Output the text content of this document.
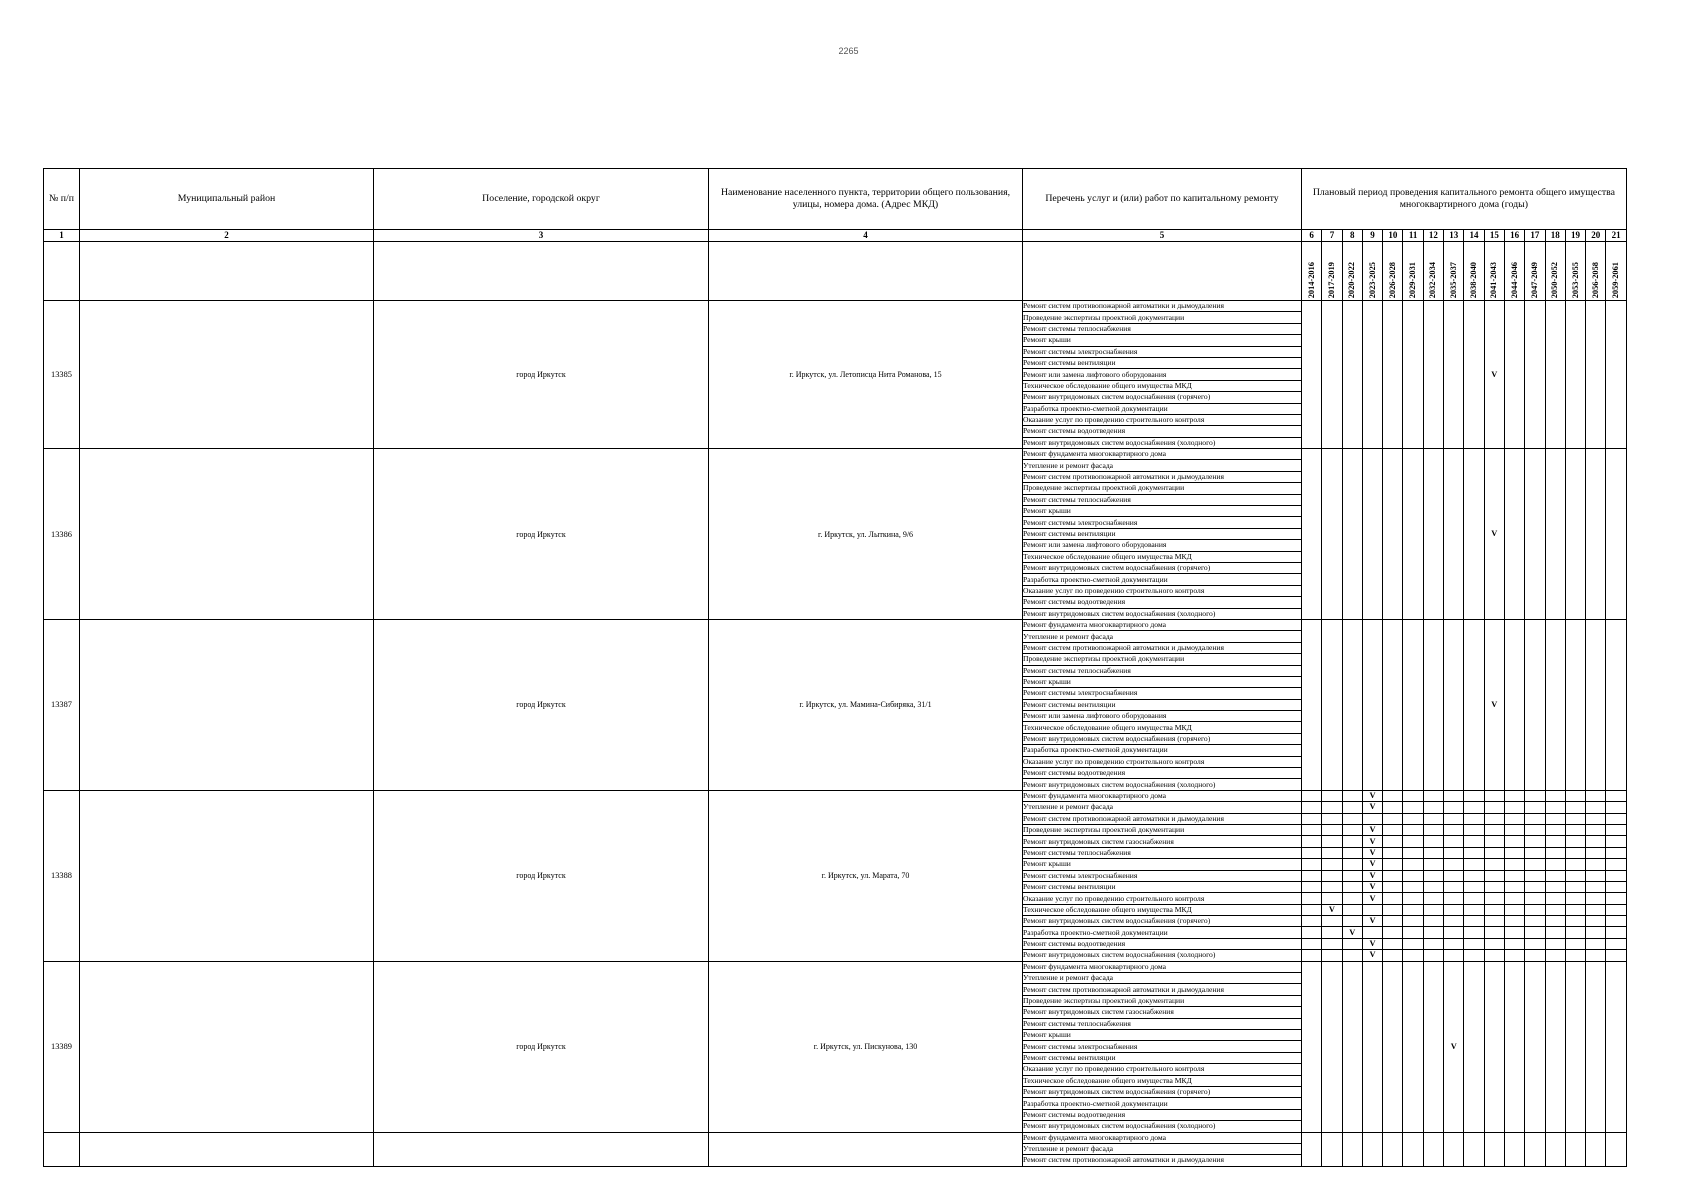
2265
№ п/п	Муниципальный район	Поселение, городской округ	Наименование населенного пункта, территории общего пользования, улицы, номера дома. (Адрес МКД)	Перечень услуг и (или) работ по капитальному ремонту	Плановый период проведения капитального ремонта общего имущества многоквартирного дома (годы)															
1	2	3	4	5	6	7	8	9	10	11	12	13	14	15	16	17	18	19	20	21
					2014-2016	2017-2019	2020-2022	2023-2025	2026-2028	2029-2031	2032-2034	2035-2037	2038-2040	2041-2043	2044-2046	2047-2049	2050-2052	2053-2055	2056-2058	2059-2061
13385		город Иркутск	г. Иркутск, ул. Летописца Нита Романова, 15	Ремонт систем противопожарной автоматики и дымоудаления										V						
				Проведение экспертизы проектной документации																
				Ремонт системы теплоснабжения																
				Ремонт крыши																
				Ремонт системы электроснабжения																
				Ремонт системы вентиляции																
				Ремонт или замена лифтового оборудования																
				Техническое обследование общего имущества МКД																
				Ремонт внутридомовых систем водоснабжения (горячего)																
				Разработка проектно-сметной документации																
				Оказание услуг по проведению строительного контроля																
				Ремонт системы водоотведения																
				Ремонт внутридомовых систем водоснабжения (холодного)																
13386		город Иркутск	г. Иркутск, ул. Лыткина, 9/6	Ремонт фундамента многоквартирного дома										V						
				Утепление и ремонт фасада																
				Ремонт систем противопожарной автоматики и дымоудаления																
				Проведение экспертизы проектной документации																
				Ремонт системы теплоснабжения																
				Ремонт крыши																
				Ремонт системы электроснабжения																
				Ремонт системы вентиляции																
				Ремонт или замена лифтового оборудования																
				Техническое обследование общего имущества МКД																
				Ремонт внутридомовых систем водоснабжения (горячего)																
				Разработка проектно-сметной документации																
				Оказание услуг по проведению строительного контроля																
				Ремонт системы водоотведения																
				Ремонт внутридомовых систем водоснабжения (холодного)																
13387		город Иркутск	г. Иркутск, ул. Мамина-Сибиряка, 31/1	Ремонт фундамента многоквартирного дома										V						
				Утепление и ремонт фасада																
				Ремонт систем противопожарной автоматики и дымоудаления																
				Проведение экспертизы проектной документации																
				Ремонт системы теплоснабжения																
				Ремонт крыши																
				Ремонт системы электроснабжения																
				Ремонт системы вентиляции																
				Ремонт или замена лифтового оборудования																
				Техническое обследование общего имущества МКД																
				Ремонт внутридомовых систем водоснабжения (горячего)																
				Разработка проектно-сметной документации																
				Оказание услуг по проведению строительного контроля																
				Ремонт системы водоотведения																
				Ремонт внутридомовых систем водоснабжения (холодного)																
13388		город Иркутск	г. Иркутск, ул. Марата, 70	Ремонт фундамента многоквартирного дома				V												
				Утепление и ремонт фасада				V												
				Ремонт систем противопожарной автоматики и дымоудаления																
				Проведение экспертизы проектной документации				V												
				Ремонт внутридомовых систем газоснабжения				V												
				Ремонт системы теплоснабжения				V												
				Ремонт крыши				V												
				Ремонт системы электроснабжения				V												
				Ремонт системы вентиляции				V												
				Оказание услуг по проведению строительного контроля				V												
				Техническое обследование общего имущества МКД		V														
				Ремонт внутридомовых систем водоснабжения (горячего)				V												
				Разработка проектно-сметной документации			V													
				Ремонт системы водоотведения				V												
				Ремонт внутридомовых систем водоснабжения (холодного)				V												
13389		город Иркутск	г. Иркутск, ул. Пискунова, 130	Ремонт фундамента многоквартирного дома								V								
				Утепление и ремонт фасада																
				Ремонт систем противопожарной автоматики и дымоудаления																
				Проведение экспертизы проектной документации																
				Ремонт внутридомовых систем газоснабжения																
				Ремонт системы теплоснабжения																
				Ремонт крыши																
				Ремонт системы электроснабжения																
				Ремонт системы вентиляции																
				Оказание услуг по проведению строительного контроля																
				Техническое обследование общего имущества МКД																
				Ремонт внутридомовых систем водоснабжения (горячего)																
				Разработка проектно-сметной документации																
				Ремонт системы водоотведения																
				Ремонт внутридомовых систем водоснабжения (холодного)																
				Ремонт фундамента многоквартирного дома																
				Утепление и ремонт фасада																
				Ремонт систем противопожарной автоматики и дымоудаления																
